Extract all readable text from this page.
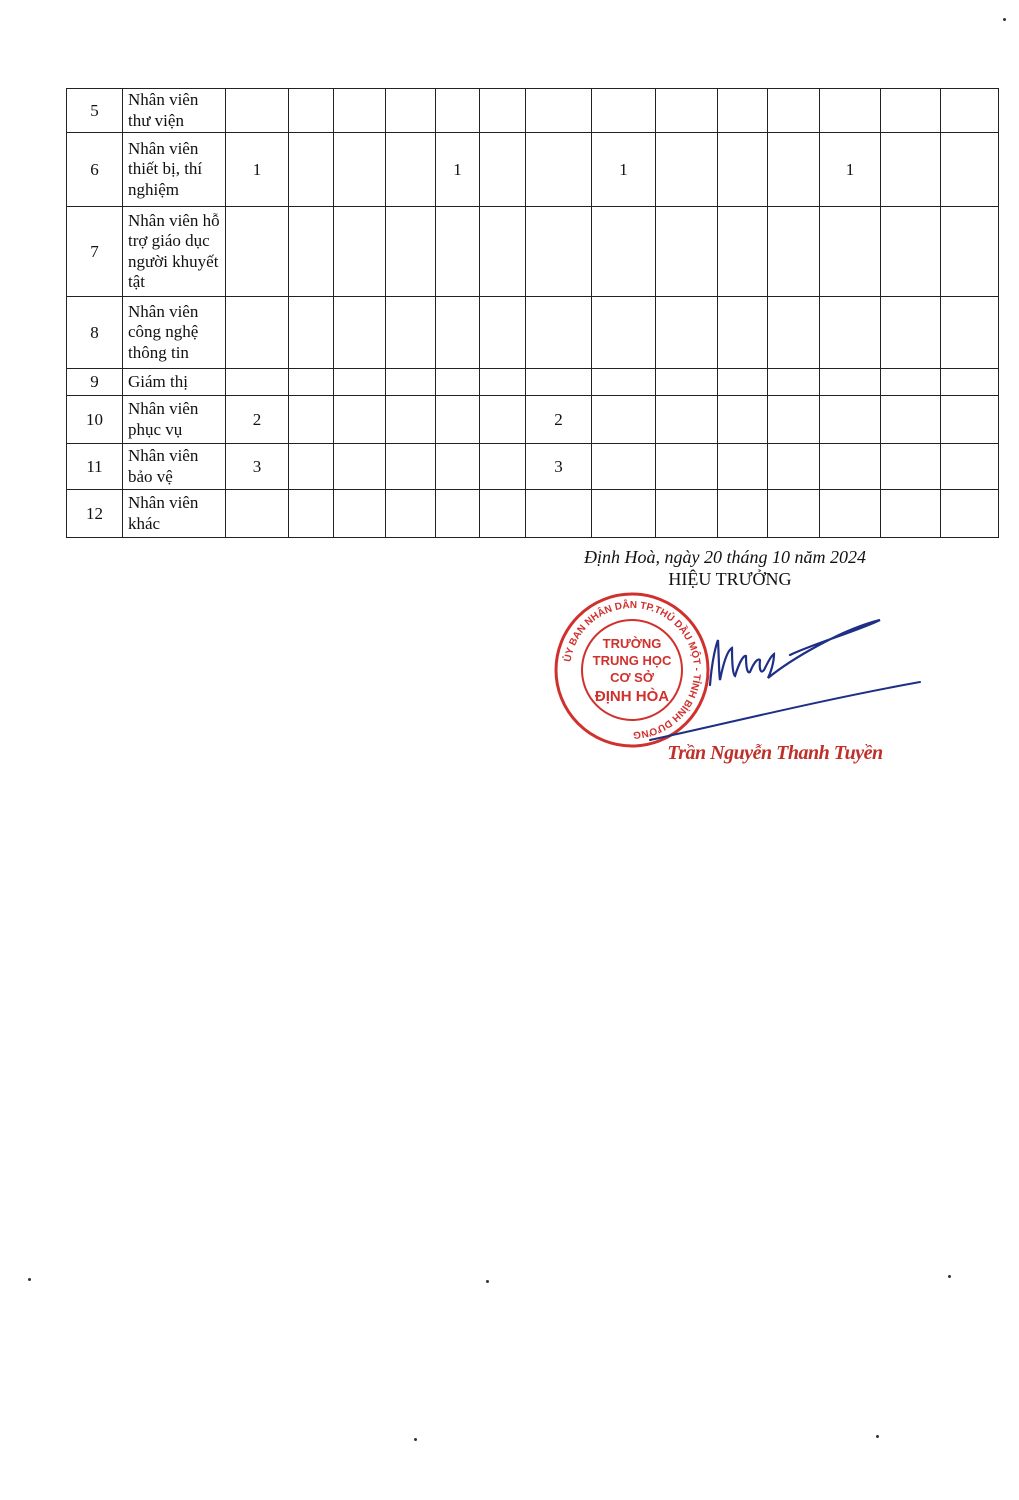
5	Nhân viên thư viện														
6	Nhân viên thiết bị, thí nghiệm	1				1			1				1		
7	Nhân viên hỗ trợ giáo dục người khuyết tật														
8	Nhân viên công nghệ thông tin														
9	Giám thị														
10	Nhân viên phục vụ	2						2							
11	Nhân viên bảo vệ	3						3							
12	Nhân viên khác														
Định Hoà, ngày 20 tháng 10 năm 2024
HIỆU TRƯỞNG
ỦY BAN NHÂN DÂN TP.THỦ DẦU MỘT - TỈNH BÌNH DƯƠNG
TRƯỜNG
TRUNG HỌC
CƠ SỞ
ĐỊNH HÒA
Trần Nguyễn Thanh Tuyền
